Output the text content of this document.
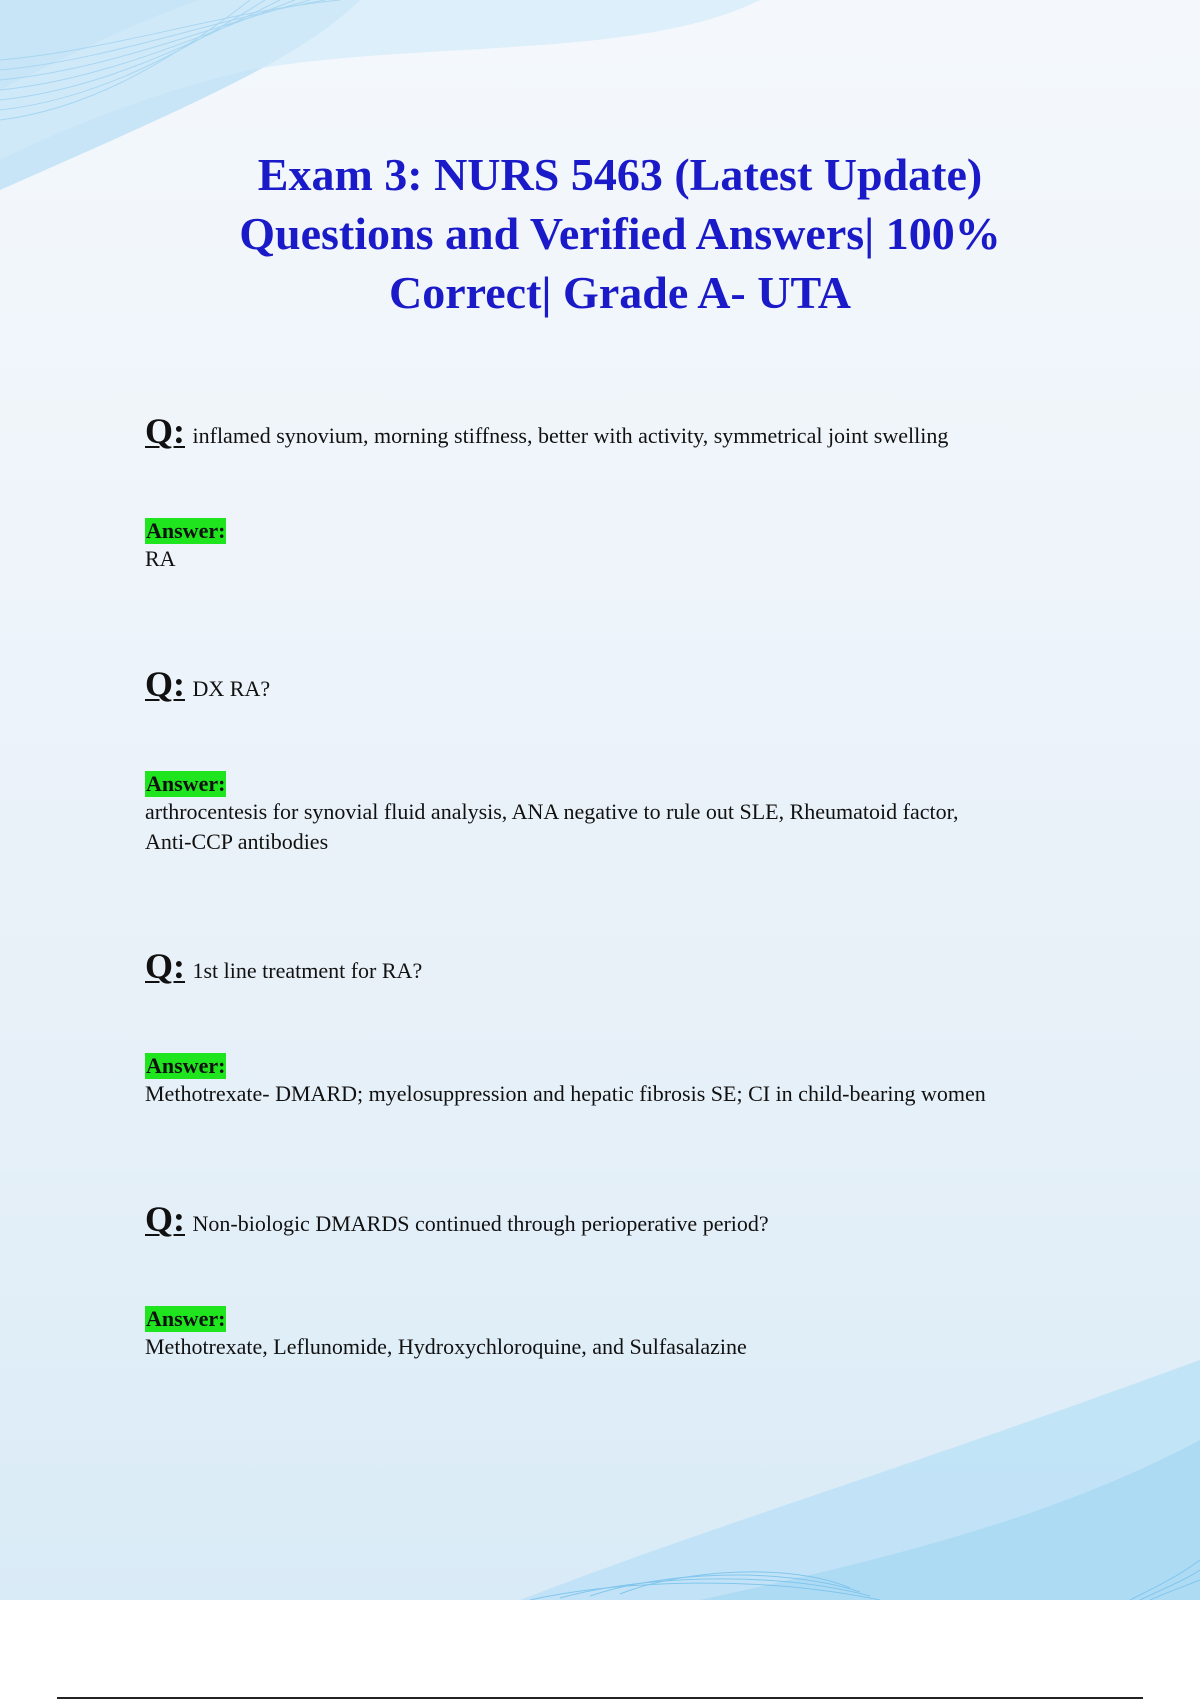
Exam 3: NURS 5463 (Latest Update)
Questions and Verified Answers| 100%
Correct| Grade A- UTA
Q: inflamed synovium, morning stiffness, better with activity, symmetrical joint swelling
Answer:
RA
Q: DX RA?
Answer:
arthrocentesis for synovial fluid analysis, ANA negative to rule out SLE, Rheumatoid factor,
Anti-CCP antibodies
Q: 1st line treatment for RA?
Answer:
Methotrexate- DMARD; myelosuppression and hepatic fibrosis SE; CI in child-bearing women
Q: Non-biologic DMARDS continued through perioperative period?
Answer:
Methotrexate, Leflunomide, Hydroxychloroquine, and Sulfasalazine
